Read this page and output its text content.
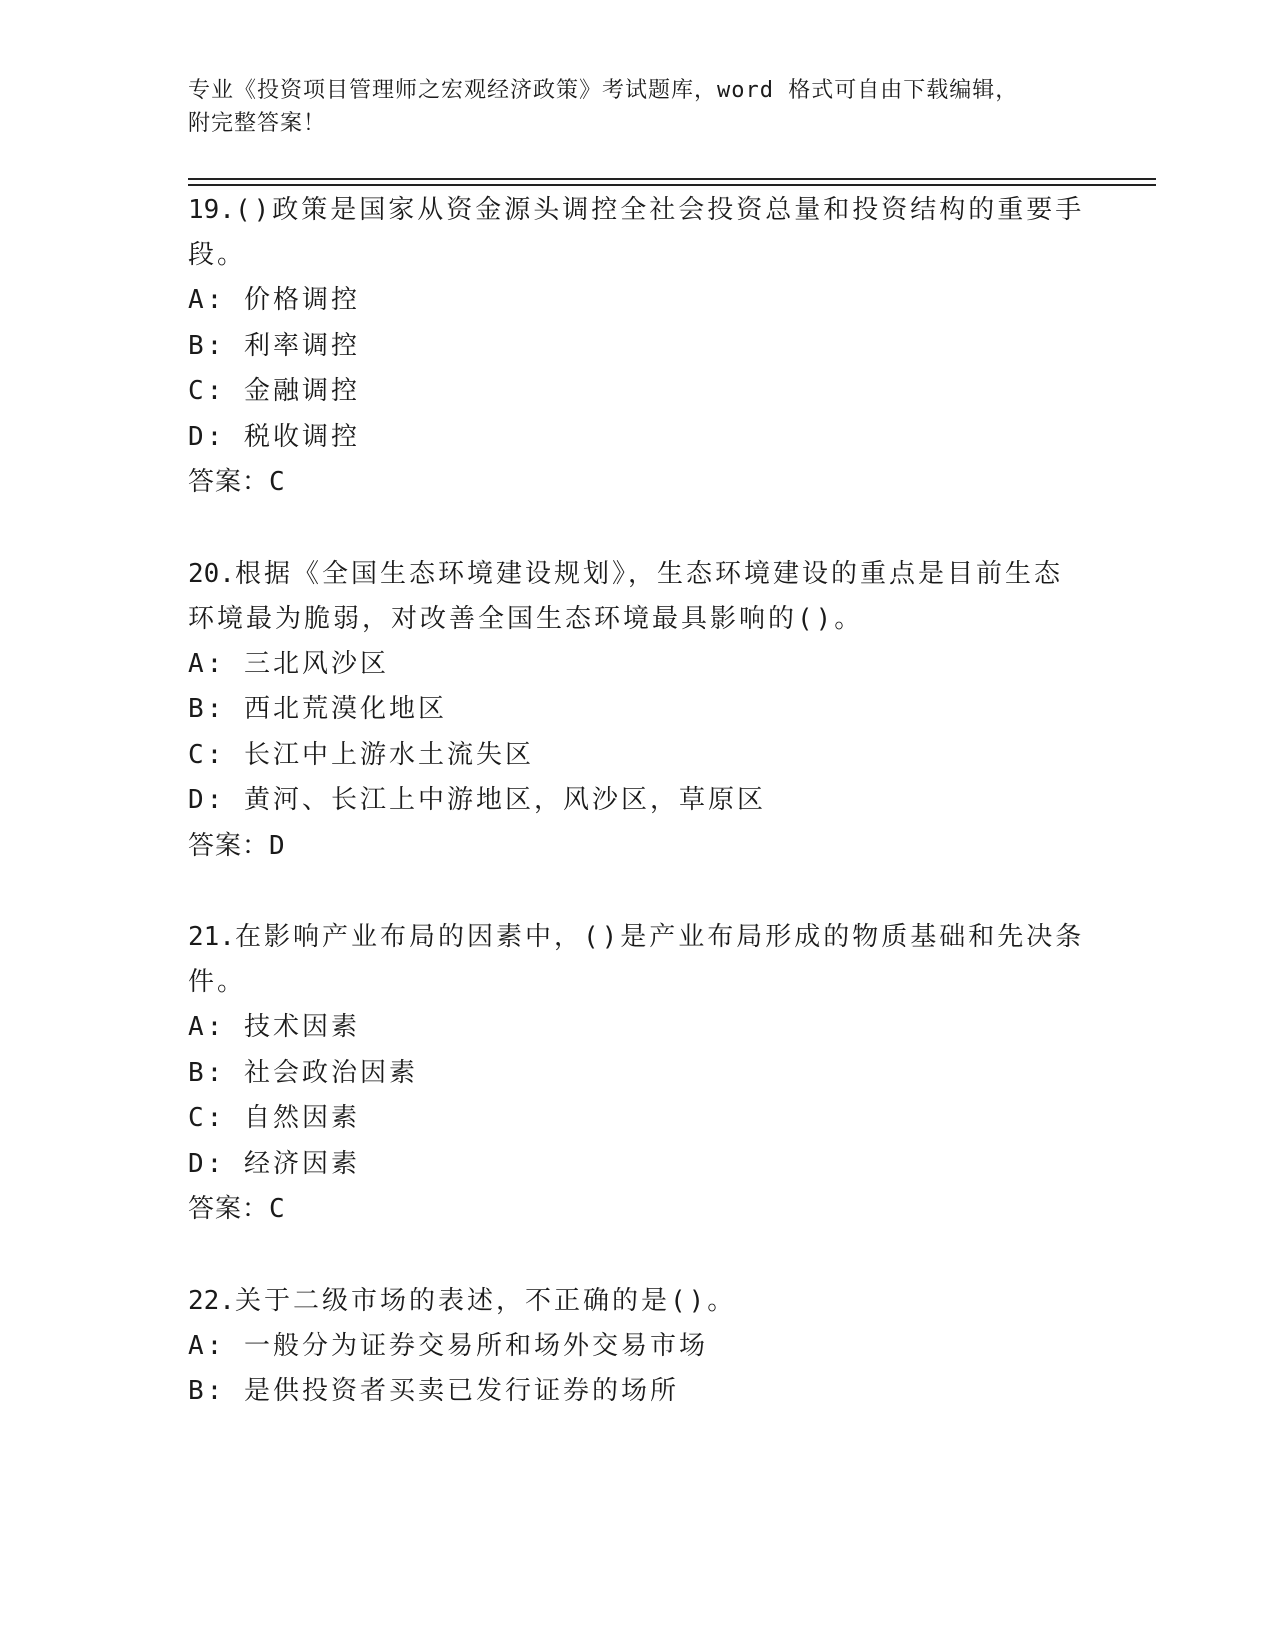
专业《投资项目管理师之宏观经济政策》考试题库，word 格式可自由下载编辑，
附完整答案！

19.()政策是国家从资金源头调控全社会投资总量和投资结构的重要手段。

A: 价格调控

B: 利率调控

C: 金融调控

D: 税收调控

答案：C

20.根据《全国生态环境建设规划》，生态环境建设的重点是目前生态环境最为脆弱，对改善全国生态环境最具影响的()。

A: 三北风沙区

B: 西北荒漠化地区

C: 长江中上游水土流失区

D: 黄河、长江上中游地区，风沙区，草原区

答案：D

21.在影响产业布局的因素中，()是产业布局形成的物质基础和先决条件。

A: 技术因素

B: 社会政治因素

C: 自然因素

D: 经济因素

答案：C

22.关于二级市场的表述，不正确的是()。

A: 一般分为证券交易所和场外交易市场

B: 是供投资者买卖已发行证券的场所
